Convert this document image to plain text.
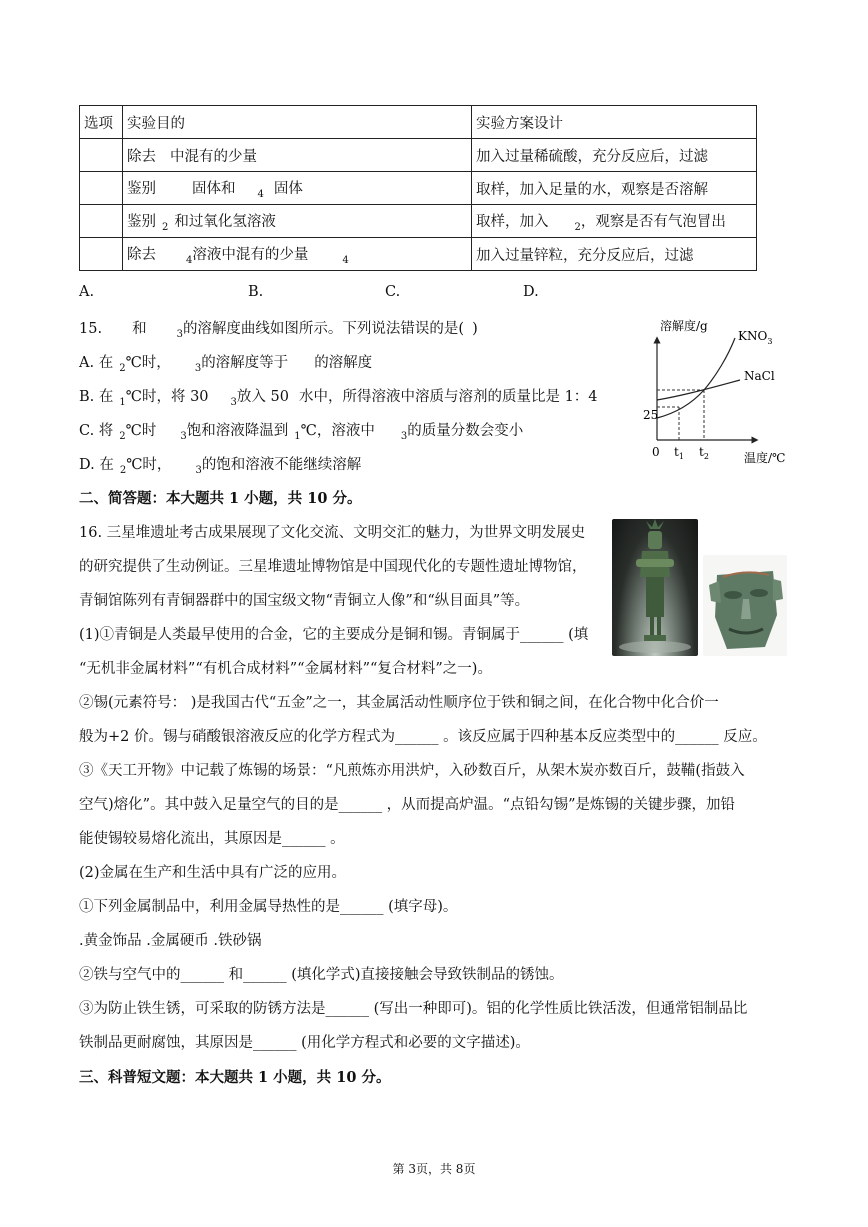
选项	实验目的	实验方案设计
	除去 中混有的少量	加入过量稀硫酸，充分反应后，过滤
	鉴别 固体和 $_4$ 固体	取样，加入足量的水，观察是否溶解
	鉴别 $_2$ 和过氧化氢溶液	取样，加入 $_2$，观察是否有气泡冒出
	除去 $_4$溶液中混有的少量 $_4$	加入过量锌粒，充分反应后，过滤
A.	B.	C.	D.
15. 和	$_3$的溶解度曲线如图所示。下列说法错误的是( )
A. 在 $_2$℃时， $_3$的溶解度等于 的溶解度
B. 在 $_1$℃时，将 30 $_3$放入 50 水中，所得溶液中溶质与溶剂的质量比是 1：4
C. 将 $_2$℃时 $_3$饱和溶液降温到 $_1$℃，溶液中	$_3$的质量分数会变小
D. 在 $_2$℃时， $_3$的饱和溶液不能继续溶解
溶解度/g
温度/℃
0
25
$KNO_3$
NaCl
$t_1$ $t_2$
二、简答题：本大题共 1 小题，共 10 分。
16. 三星堆遗址考古成果展现了文化交流、文明交汇的魅力，为世界文明发展史
的研究提供了生动例证。三星堆遗址博物馆是中国现代化的专题性遗址博物馆，
青铜馆陈列有青铜器群中的国宝级文物“青铜立人像”和“纵目面具”等。
(1)①青铜是人类最早使用的合金，它的主要成分是铜和锡。青铜属于______ (填
“无机非金属材料”“有机合成材料”“金属材料”“复合材料”之一)。
②锡(元素符号： )是我国古代“五金”之一，其金属活动性顺序位于铁和铜之间，在化合物中化合价一
般为+2 价。锡与硝酸银溶液反应的化学方程式为______ 。该反应属于四种基本反应类型中的______ 反应。
③《天工开物》中记载了炼锡的场景：“凡煎炼亦用洪炉，入砂数百斤，从架木炭亦数百斤，鼓鞴(指鼓入
空气)熔化”。其中鼓入足量空气的目的是______ ，从而提高炉温。“点铅勾锡”是炼锡的关键步骤，加铅
能使锡较易熔化流出，其原因是______ 。
(2)金属在生产和生活中具有广泛的应用。
①下列金属制品中，利用金属导热性的是______ (填字母)。
.黄金饰品 .金属硬币 .铁砂锅
②铁与空气中的______ 和______ (填化学式)直接接触会导致铁制品的锈蚀。
③为防止铁生锈，可采取的防锈方法是______ (写出一种即可)。铝的化学性质比铁活泼，但通常铝制品比
铁制品更耐腐蚀，其原因是______ (用化学方程式和必要的文字描述)。
三、科普短文题：本大题共 1 小题，共 10 分。
第 3页，共 8页
